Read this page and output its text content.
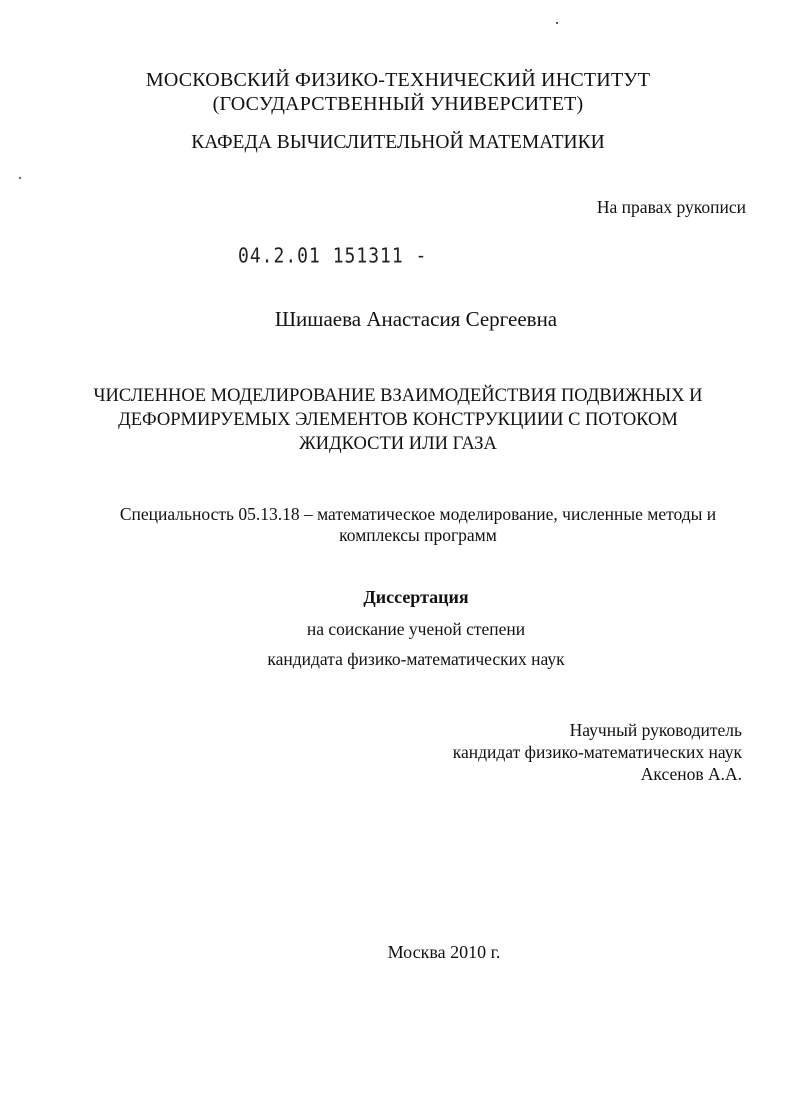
МОСКОВСКИЙ ФИЗИКО-ТЕХНИЧЕСКИЙ ИНСТИТУТ
(ГОСУДАРСТВЕННЫЙ УНИВЕРСИТЕТ)
КАФЕДА ВЫЧИСЛИТЕЛЬНОЙ МАТЕМАТИКИ
На правах рукописи
04.2.01 151311 -
Шишаева Анастасия Сергеевна
ЧИСЛЕННОЕ МОДЕЛИРОВАНИЕ ВЗАИМОДЕЙСТВИЯ ПОДВИЖНЫХ И
ДЕФОРМИРУЕМЫХ ЭЛЕМЕНТОВ КОНСТРУКЦИИИ С ПОТОКОМ
ЖИДКОСТИ ИЛИ ГАЗА
Специальность 05.13.18 – математическое моделирование, численные методы и
комплексы программ
Диссертация
на соискание ученой степени
кандидата физико-математических наук
Научный руководитель
кандидат физико-математических наук
Аксенов А.А.
Москва 2010 г.
